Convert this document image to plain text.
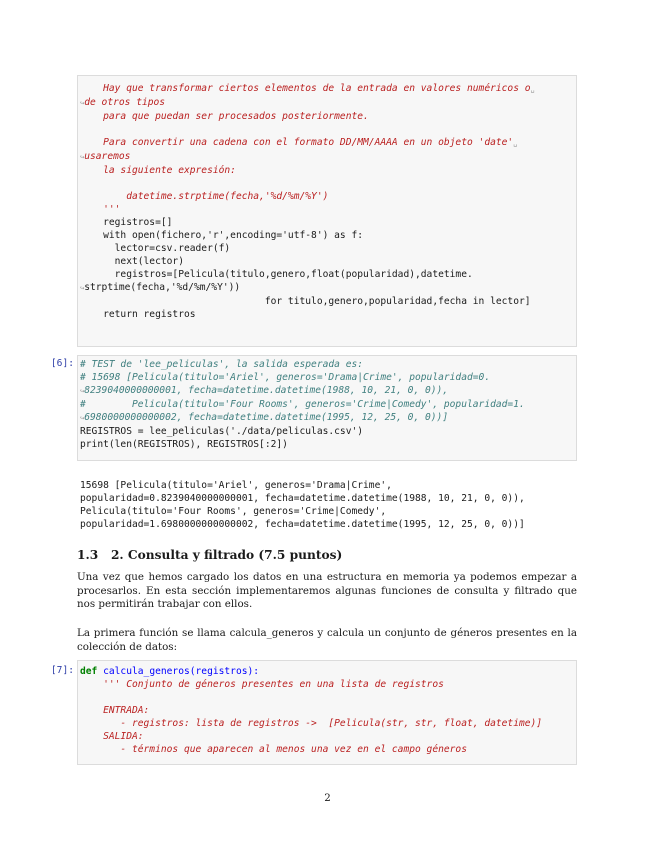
Hay que transformar ciertos elementos de la entrada en valores numéricos o␣
↪de otros tipos
para que puedan ser procesados posteriormente.

Para convertir una cadena con el formato DD/MM/AAAA en un objeto 'date'␣
↪usaremos
la siguiente expresión:

datetime.strptime(fecha,'%d/%m/%Y')
'''
registros=[]
with open(fichero,'r',encoding='utf-8') as f:
lector=csv.reader(f)
next(lector)
registros=[Pelicula(titulo,genero,float(popularidad),datetime.
↪strptime(fecha,'%d/%m/%Y'))
for titulo,genero,popularidad,fecha in lector]
return registros
[6]: # TEST de 'lee_peliculas', la salida esperada es:
# 15698 [Pelicula(titulo='Ariel', generos='Drama|Crime', popularidad=0.
↪8239040000000001, fecha=datetime.datetime(1988, 10, 21, 0, 0)),
#        Pelicula(titulo='Four Rooms', generos='Crime|Comedy', popularidad=1.
↪6980000000000002, fecha=datetime.datetime(1995, 12, 25, 0, 0))]
REGISTROS = lee_peliculas('./data/peliculas.csv')
print(len(REGISTROS), REGISTROS[:2])
15698 [Pelicula(titulo='Ariel', generos='Drama|Crime',
popularidad=0.8239040000000001, fecha=datetime.datetime(1988, 10, 21, 0, 0)),
Pelicula(titulo='Four Rooms', generos='Crime|Comedy',
popularidad=1.6980000000000002, fecha=datetime.datetime(1995, 12, 25, 0, 0))]
1.3 2. Consulta y filtrado (7.5 puntos)

Una vez que hemos cargado los datos en una estructura en memoria ya podemos empezar a procesarlos. En esta sección implementaremos algunas funciones de consulta y filtrado que nos permitirán trabajar con ellos.

La primera función se llama calcula_generos y calcula un conjunto de géneros presentes en la colección de datos:

[7]: def calcula_generos(registros):
''' Conjunto de géneros presentes en una lista de registros

ENTRADA:
- registros: lista de registros ->  [Pelicula(str, str, float, datetime)]
SALIDA:
- términos que aparecen al menos una vez en el campo géneros
2
